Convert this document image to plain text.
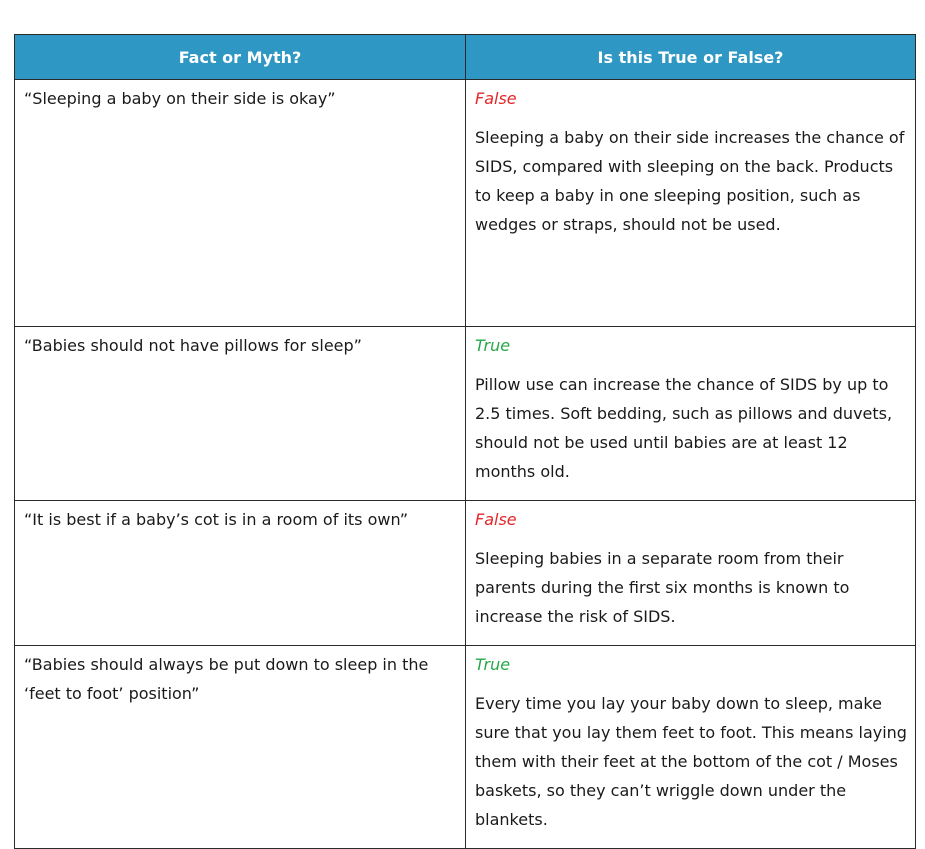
Fact or Myth?	Is this True or False?
“Sleeping a baby on their side is okay”	False
Sleeping a baby on their side increases the chance of SIDS, compared with sleeping on the back. Products to keep a baby in one sleeping position, such as wedges or straps, should not be used.

“Babies should not have pillows for sleep”	True
Pillow use can increase the chance of SIDS by up to 2.5 times. Soft bedding, such as pillows and duvets, should not be used until babies are at least 12 months old.

“It is best if a baby’s cot is in a room of its own”	False
Sleeping babies in a separate room from their parents during the first six months is known to increase the risk of SIDS.

“Babies should always be put down to sleep in the ‘feet to foot’ position”	True
Every time you lay your baby down to sleep, make sure that you lay them feet to foot. This means laying them with their feet at the bottom of the cot / Moses baskets, so they can’t wriggle down under the blankets.
